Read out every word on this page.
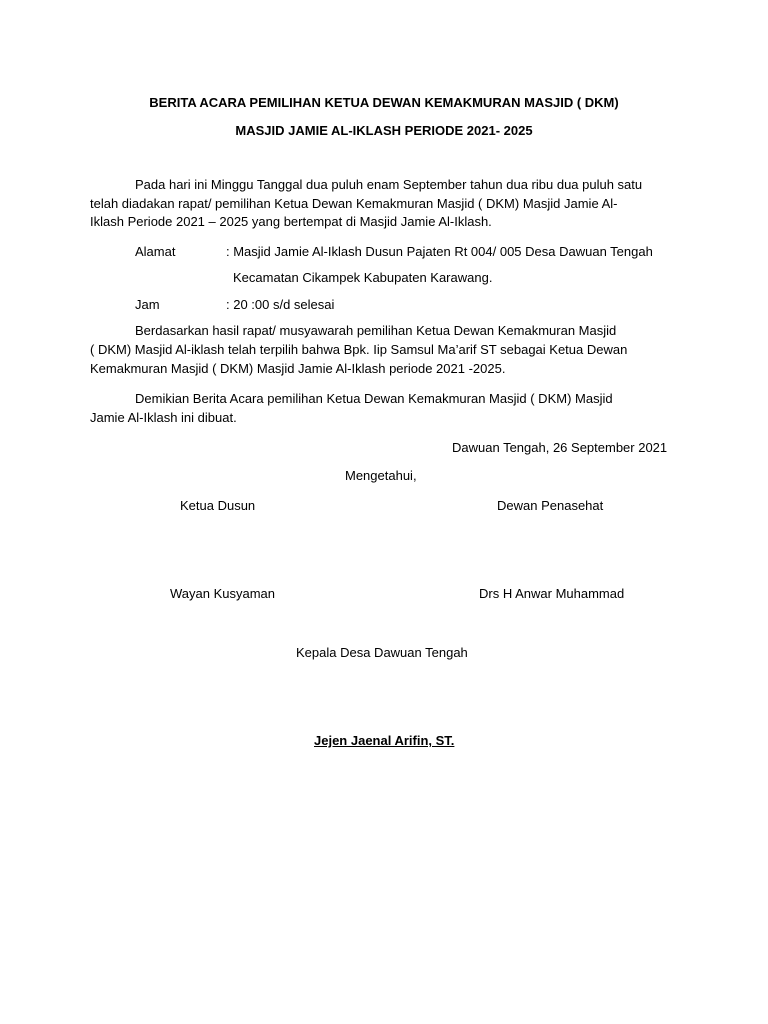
BERITA ACARA PEMILIHAN KETUA DEWAN KEMAKMURAN MASJID ( DKM)
MASJID JAMIE AL-IKLASH PERIODE 2021- 2025
Pada hari ini Minggu Tanggal dua puluh enam September tahun dua ribu dua puluh satu
telah diadakan rapat/ pemilihan Ketua Dewan Kemakmuran Masjid ( DKM) Masjid Jamie Al-
Iklash Periode 2021 – 2025 yang bertempat di Masjid Jamie Al-Iklash.
Alamat	: Masjid Jamie Al-Iklash Dusun Pajaten Rt 004/ 005 Desa Dawuan Tengah
Kecamatan Cikampek Kabupaten Karawang.
Jam	: 20 :00 s/d selesai
Berdasarkan hasil rapat/ musyawarah pemilihan Ketua Dewan Kemakmuran Masjid
( DKM) Masjid Al-iklash telah terpilih bahwa Bpk. Iip Samsul Ma’arif ST sebagai Ketua Dewan
Kemakmuran Masjid ( DKM) Masjid Jamie Al-Iklash periode 2021 -2025.
Demikian Berita Acara pemilihan Ketua Dewan Kemakmuran Masjid ( DKM) Masjid
Jamie Al-Iklash ini dibuat.
Dawuan Tengah, 26 September 2021
Mengetahui,
Ketua Dusun	Dewan Penasehat
Wayan Kusyaman	Drs H Anwar Muhammad
Kepala Desa Dawuan Tengah
Jejen Jaenal Arifin, ST.
